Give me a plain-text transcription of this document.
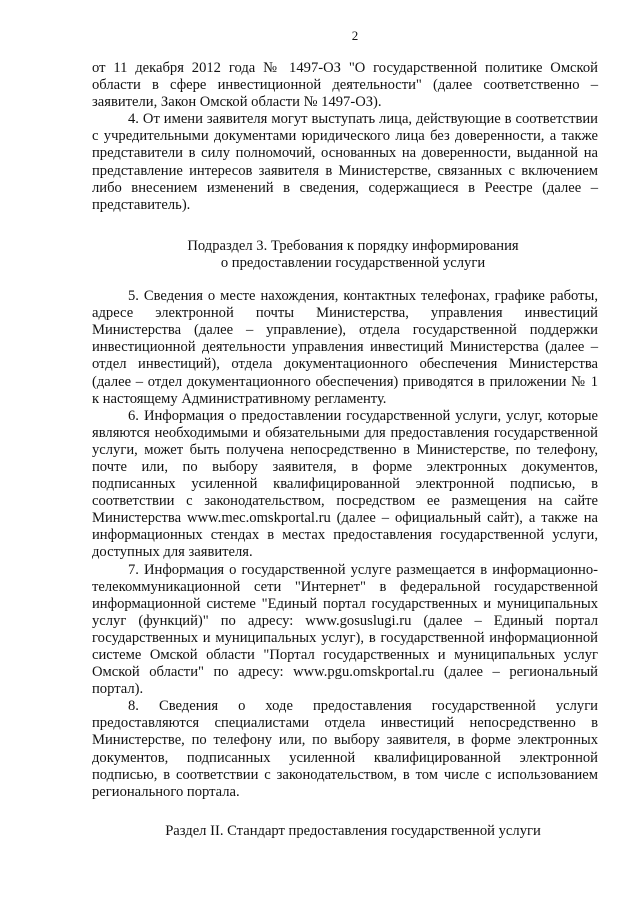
2

от 11 декабря 2012 года № 1497-ОЗ "О государственной политике Омской области в сфере инвестиционной деятельности" (далее соответственно – заявители, Закон Омской области № 1497-ОЗ).

4. От имени заявителя могут выступать лица, действующие в соответствии с учредительными документами юридического лица без доверенности, а также представители в силу полномочий, основанных на доверенности, выданной на представление интересов заявителя в Министерстве, связанных с включением либо внесением изменений в сведения, содержащиеся в Реестре (далее – представитель).

Подраздел 3. Требования к порядку информирования

о предоставлении государственной услуги

5. Сведения о месте нахождения, контактных телефонах, графике работы, адресе электронной почты Министерства, управления инвестиций Министерства (далее – управление), отдела государственной поддержки инвестиционной деятельности управления инвестиций Министерства (далее – отдел инвестиций), отдела документационного обеспечения Министерства (далее – отдел документационного обеспечения) приводятся в приложении № 1 к настоящему Административному регламенту.

6. Информация о предоставлении государственной услуги, услуг, которые являются необходимыми и обязательными для предоставления государственной услуги, может быть получена непосредственно в Министерстве, по телефону, почте или, по выбору заявителя, в форме электронных документов, подписанных усиленной квалифицированной электронной подписью, в соответствии с законодательством, посредством ее размещения на сайте Министерства www.mec.omskportal.ru (далее – официальный сайт), а также на информационных стендах в местах предоставления государственной услуги, доступных для заявителя.

7. Информация о государственной услуге размещается в информационно-телекоммуникационной сети "Интернет" в федеральной государственной информационной системе "Единый портал государственных и муниципальных услуг (функций)" по адресу: www.gosuslugi.ru (далее – Единый портал государственных и муниципальных услуг), в государственной информационной системе Омской области "Портал государственных и муниципальных услуг Омской области" по адресу: www.pgu.omskportal.ru (далее – региональный портал).

8. Сведения о ходе предоставления государственной услуги предоставляются специалистами отдела инвестиций непосредственно в Министерстве, по телефону или, по выбору заявителя, в форме электронных документов, подписанных усиленной квалифицированной электронной подписью, в соответствии с законодательством, в том числе с использованием регионального портала.

Раздел II. Стандарт предоставления государственной услуги
